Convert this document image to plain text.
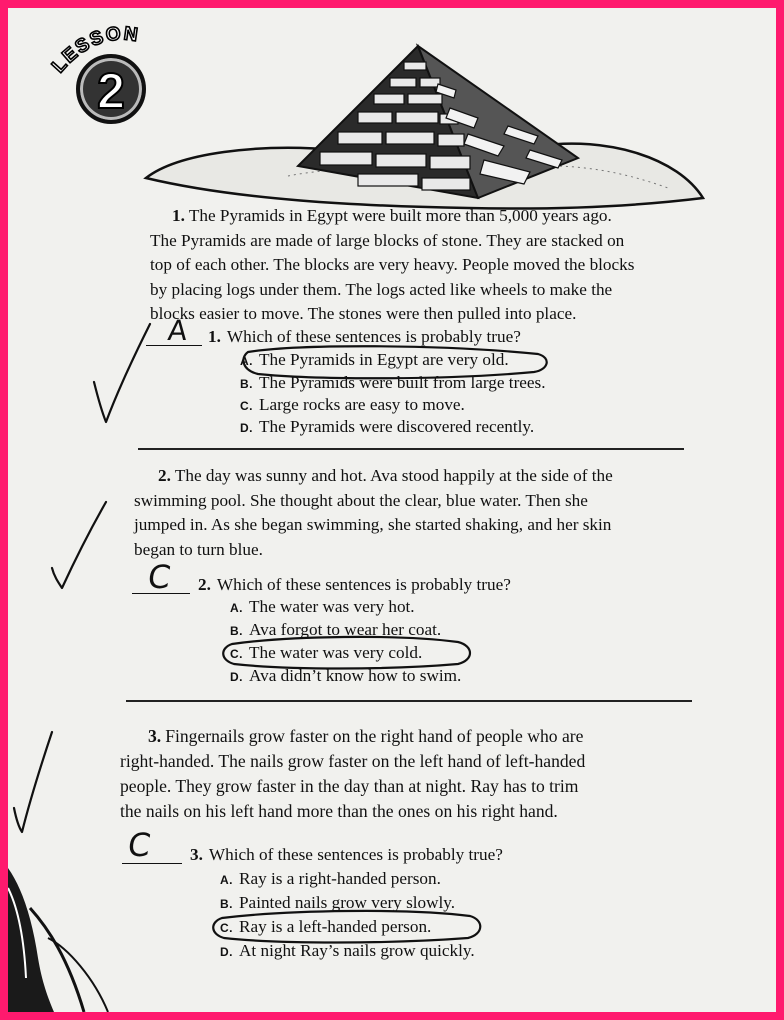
LESSON
2
1. The Pyramids in Egypt were built more than 5,000 years ago.
The Pyramids are made of large blocks of stone. They are stacked on
top of each other. The blocks are very heavy. People moved the blocks
by placing logs under them. The logs acted like wheels to make the
blocks easier to move. The stones were then pulled into place.
A 1. Which of these sentences is probably true?
A. The Pyramids in Egypt are very old.
B. The Pyramids were built from large trees.
C. Large rocks are easy to move.
D. The Pyramids were discovered recently.
2. The day was sunny and hot. Ava stood happily at the side of the
swimming pool. She thought about the clear, blue water. Then she
jumped in. As she began swimming, she started shaking, and her skin
began to turn blue.
C 2. Which of these sentences is probably true?
A. The water was very hot.
B. Ava forgot to wear her coat.
C. The water was very cold.
D. Ava didn’t know how to swim.
3. Fingernails grow faster on the right hand of people who are
right-handed. The nails grow faster on the left hand of left-handed
people. They grow faster in the day than at night. Ray has to trim
the nails on his left hand more than the ones on his right hand.
C 3. Which of these sentences is probably true?
A. Ray is a right-handed person.
B. Painted nails grow very slowly.
C. Ray is a left-handed person.
D. At night Ray’s nails grow quickly.
